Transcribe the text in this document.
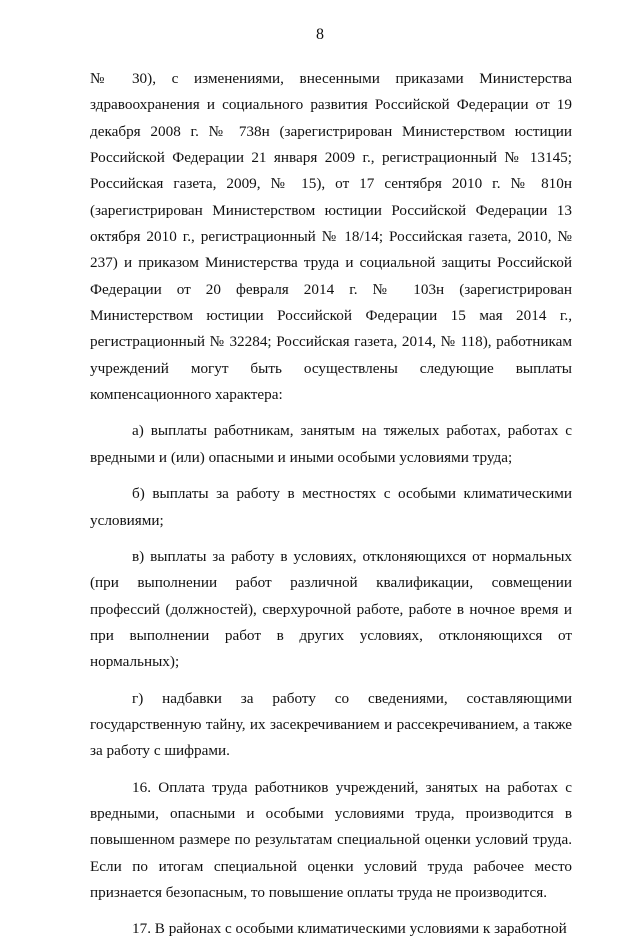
8

№ 30), с изменениями, внесенными приказами Министерства здравоохранения и социального развития Российской Федерации от 19 декабря 2008 г. № 738н (зарегистрирован Министерством юстиции Российской Федерации 21 января 2009 г., регистрационный № 13145; Российская газета, 2009, № 15), от 17 сентября 2010 г. № 810н (зарегистрирован Министерством юстиции Российской Федерации 13 октября 2010 г., регистрационный № 18/14; Российская газета, 2010, № 237) и приказом Министерства труда и социальной защиты Российской Федерации от 20 февраля 2014 г. № 103н (зарегистрирован Министерством юстиции Российской Федерации 15 мая 2014 г., регистрационный № 32284; Российская газета, 2014, № 118), работникам учреждений могут быть осуществлены следующие выплаты компенсационного характера:

а) выплаты работникам, занятым на тяжелых работах, работах с вредными и (или) опасными и иными особыми условиями труда;

б) выплаты за работу в местностях с особыми климатическими условиями;

в) выплаты за работу в условиях, отклоняющихся от нормальных (при выполнении работ различной квалификации, совмещении профессий (должностей), сверхурочной работе, работе в ночное время и при выполнении работ в других условиях, отклоняющихся от нормальных);

г) надбавки за работу со сведениями, составляющими государственную тайну, их засекречиванием и рассекречиванием, а также за работу с шифрами.

16. Оплата труда работников учреждений, занятых на работах с вредными, опасными и особыми условиями труда, производится в повышенном размере по результатам специальной оценки условий труда. Если по итогам специальной оценки условий труда рабочее место признается безопасным, то повышение оплаты труда не производится.

17. В районах с особыми климатическими условиями к заработной
